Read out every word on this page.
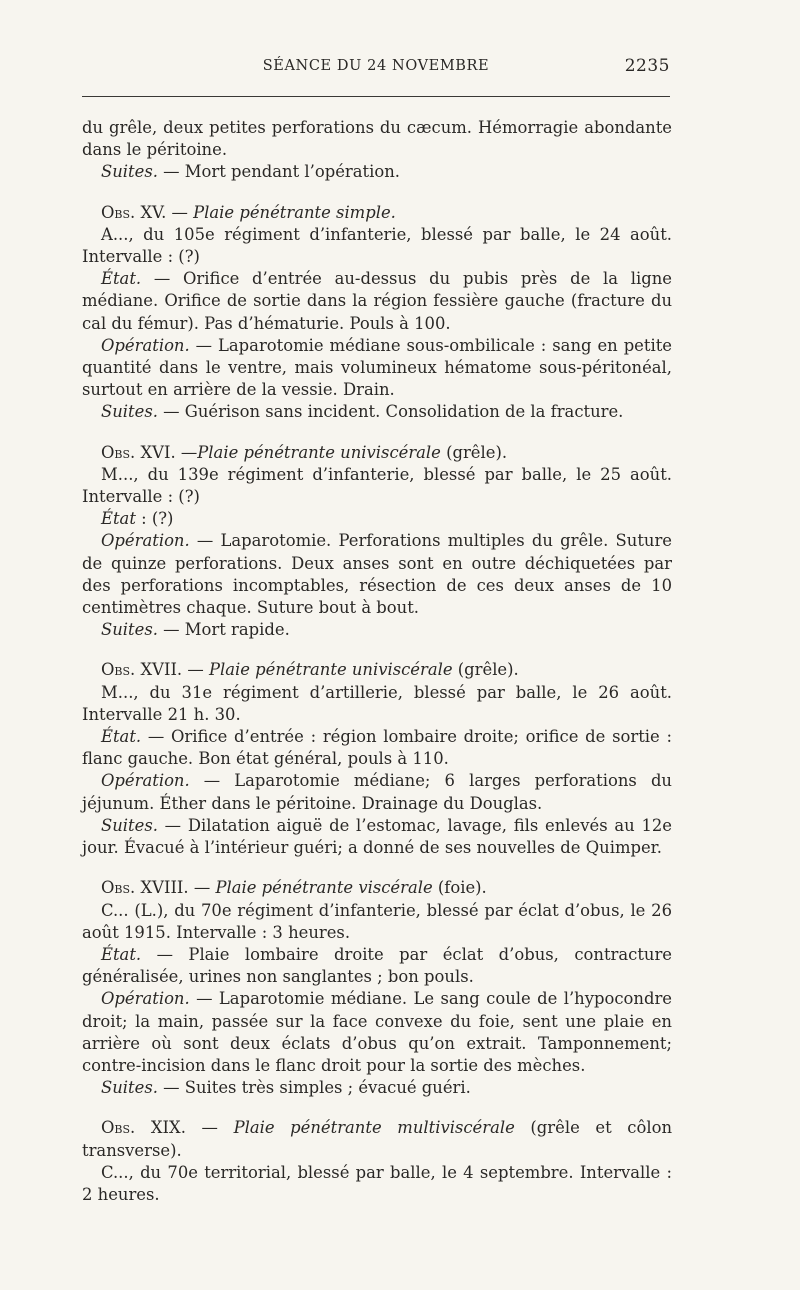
SÉANCE DU 24 NOVEMBRE	2235

du grêle, deux petites perforations du cæcum. Hémorragie abondante dans le péritoine.

Suites. — Mort pendant l’opération.

Obs. XV. — Plaie pénétrante simple.

A..., du 105e régiment d’infanterie, blessé par balle, le 24 août. Intervalle : (?)

État. — Orifice d’entrée au-dessus du pubis près de la ligne médiane. Orifice de sortie dans la région fessière gauche (fracture du cal du fémur). Pas d’hématurie. Pouls à 100.

Opération. — Laparotomie médiane sous-ombilicale : sang en petite quantité dans le ventre, mais volumineux hématome sous-péritonéal, surtout en arrière de la vessie. Drain.

Suites. — Guérison sans incident. Consolidation de la fracture.

Obs. XVI. —Plaie pénétrante univiscérale (grêle).

M..., du 139e régiment d’infanterie, blessé par balle, le 25 août. Intervalle : (?)

État : (?)

Opération. — Laparotomie. Perforations multiples du grêle. Suture de quinze perforations. Deux anses sont en outre déchiquetées par des perforations incomptables, résection de ces deux anses de 10 centimètres chaque. Suture bout à bout.

Suites. — Mort rapide.

Obs. XVII. — Plaie pénétrante univiscérale (grêle).

M..., du 31e régiment d’artillerie, blessé par balle, le 26 août. Intervalle 21 h. 30.

État. — Orifice d’entrée : région lombaire droite; orifice de sortie : flanc gauche. Bon état général, pouls à 110.

Opération. — Laparotomie médiane; 6 larges perforations du jéjunum. Éther dans le péritoine. Drainage du Douglas.

Suites. — Dilatation aiguë de l’estomac, lavage, fils enlevés au 12e jour. Évacué à l’intérieur guéri; a donné de ses nouvelles de Quimper.

Obs. XVIII. — Plaie pénétrante viscérale (foie).

C... (L.), du 70e régiment d’infanterie, blessé par éclat d’obus, le 26 août 1915. Intervalle : 3 heures.

État. — Plaie lombaire droite par éclat d’obus, contracture généralisée, urines non sanglantes ; bon pouls.

Opération. — Laparotomie médiane. Le sang coule de l’hypocondre droit; la main, passée sur la face convexe du foie, sent une plaie en arrière où sont deux éclats d’obus qu’on extrait. Tamponnement; contre-incision dans le flanc droit pour la sortie des mèches.

Suites. — Suites très simples ; évacué guéri.

Obs. XIX. — Plaie pénétrante multiviscérale (grêle et côlon transverse).

C..., du 70e territorial, blessé par balle, le 4 septembre. Intervalle : 2 heures.
